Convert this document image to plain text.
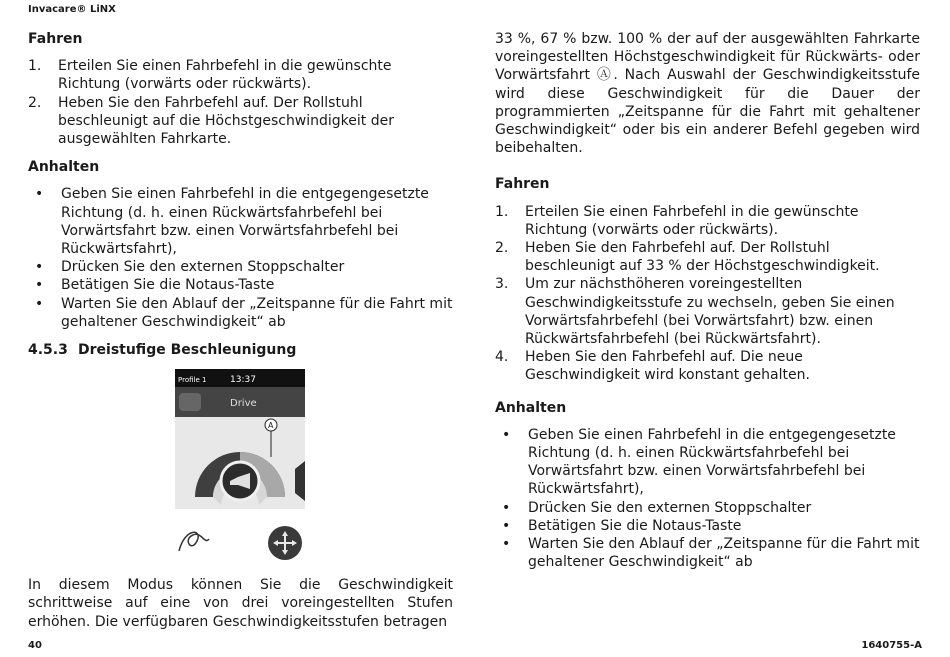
Invacare® LiNX
Fahren
1. Erteilen Sie einen Fahrbefehl in die gewünschte Richtung (vorwärts oder rückwärts).
2. Heben Sie den Fahrbefehl auf. Der Rollstuhl beschleunigt auf die Höchstgeschwindigkeit der ausgewählten Fahrkarte.
Anhalten
• Geben Sie einen Fahrbefehl in die entgegengesetzte Richtung (d. h. einen Rückwärtsfahrbefehl bei Vorwärtsfahrt bzw. einen Vorwärtsfahrbefehl bei Rückwärtsfahrt),
• Drücken Sie den externen Stoppschalter
• Betätigen Sie die Notaus-Taste
• Warten Sie den Ablauf der „Zeitspanne für die Fahrt mit gehaltener Geschwindigkeit“ ab
4.5.3 Dreistufige Beschleunigung
Profile 1	13:37
Drive
A
In diesem Modus können Sie die Geschwindigkeit schrittweise auf eine von drei voreingestellten Stufen erhöhen. Die verfügbaren Geschwindigkeitsstufen betragen
33 %, 67 % bzw. 100 % der auf der ausgewählten Fahrkarte voreingestellten Höchstgeschwindigkeit für Rückwärts- oder Vorwärtsfahrt Ⓐ. Nach Auswahl der Geschwindigkeitsstufe wird diese Geschwindigkeit für die Dauer der programmierten „Zeitspanne für die Fahrt mit gehaltener Geschwindigkeit“ oder bis ein anderer Befehl gegeben wird beibehalten.
Fahren
1. Erteilen Sie einen Fahrbefehl in die gewünschte Richtung (vorwärts oder rückwärts).
2. Heben Sie den Fahrbefehl auf. Der Rollstuhl beschleunigt auf 33 % der Höchstgeschwindigkeit.
3. Um zur nächsthöheren voreingestellten Geschwindigkeitsstufe zu wechseln, geben Sie einen Vorwärtsfahrbefehl (bei Vorwärtsfahrt) bzw. einen Rückwärtsfahrbefehl (bei Rückwärtsfahrt).
4. Heben Sie den Fahrbefehl auf. Die neue Geschwindigkeit wird konstant gehalten.
Anhalten
• Geben Sie einen Fahrbefehl in die entgegengesetzte Richtung (d. h. einen Rückwärtsfahrbefehl bei Vorwärtsfahrt bzw. einen Vorwärtsfahrbefehl bei Rückwärtsfahrt),
• Drücken Sie den externen Stoppschalter
• Betätigen Sie die Notaus-Taste
• Warten Sie den Ablauf der „Zeitspanne für die Fahrt mit gehaltener Geschwindigkeit“ ab
40	1640755-A
